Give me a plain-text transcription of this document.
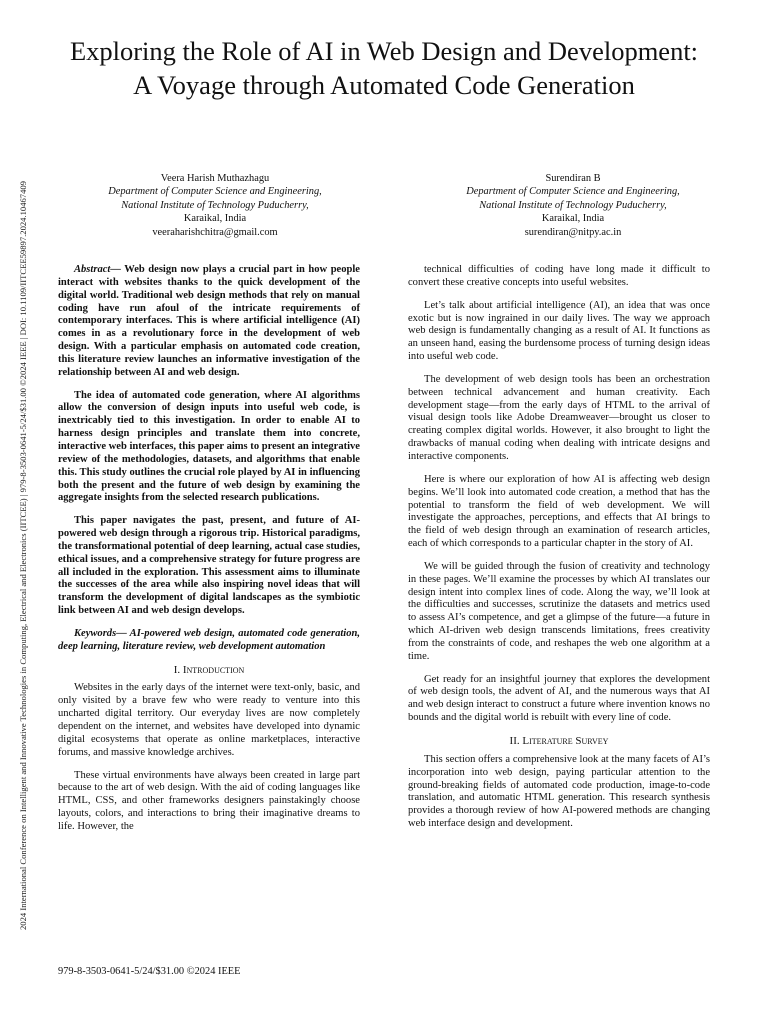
2024 International Conference on Intelligent and Innovative Technologies in Computing, Electrical and Electronics (IITCEE) | 979-8-3503-0641-5/24/$31.00 ©2024 IEEE | DOI: 10.1109/IITCEE59897.2024.10467409
Exploring the Role of AI in Web Design and Development: A Voyage through Automated Code Generation
Veera Harish Muthazhagu
Department of Computer Science and Engineering,
National Institute of Technology Puducherry,
Karaikal, India
veeraharishchitra@gmail.com
Surendiran B
Department of Computer Science and Engineering,
National Institute of Technology Puducherry,
Karaikal, India
surendiran@nitpy.ac.in

Abstract— Web design now plays a crucial part in how people interact with websites thanks to the quick development of the digital world. Traditional web design methods that rely on manual coding have run afoul of the intricate requirements of contemporary interfaces. This is where artificial intelligence (AI) comes in as a revolutionary force in the development of web design. With a particular emphasis on automated code creation, this literature review launches an informative investigation of the relationship between AI and web design.

The idea of automated code generation, where AI algorithms allow the conversion of design inputs into useful web code, is inextricably tied to this investigation. In order to enable AI to harness design principles and translate them into concrete, interactive web interfaces, this paper aims to present an integrative review of the methodologies, datasets, and algorithms that enable this. This study outlines the crucial role played by AI in influencing both the present and the future of web design by examining the aggregate insights from the selected research publications.

This paper navigates the past, present, and future of AI-powered web design through a rigorous trip. Historical paradigms, the transformational potential of deep learning, actual case studies, ethical issues, and a comprehensive strategy for future progress are all included in the exploration. This assessment aims to illuminate the successes of the area while also inspiring novel ideas that will transform the development of digital landscapes as the symbiotic link between AI and web design develops.

Keywords— AI-powered web design, automated code generation, deep learning, literature review, web development automation

I. Introduction

Websites in the early days of the internet were text-only, basic, and only visited by a brave few who were ready to venture into this uncharted digital territory. Our everyday lives are now completely dependent on the internet, and websites have developed into dynamic digital ecosystems that operate as online marketplaces, interactive forums, and massive knowledge archives.

These virtual environments have always been created in large part because to the art of web design. With the aid of coding languages like HTML, CSS, and other frameworks designers painstakingly choose layouts, colors, and interactions to bring their imaginative dreams to life. However, the

technical difficulties of coding have long made it difficult to convert these creative concepts into useful websites.

Let’s talk about artificial intelligence (AI), an idea that was once exotic but is now ingrained in our daily lives. The way we approach web design is fundamentally changing as a result of AI. It functions as an unseen hand, easing the burdensome process of turning design ideas into useful web code.

The development of web design tools has been an orchestration between technical advancement and human creativity. Each development stage—from the early days of HTML to the arrival of visual design tools like Adobe Dreamweaver—brought us closer to creating complex digital worlds. However, it also brought to light the drawbacks of manual coding when dealing with intricate designs and interactive components.

Here is where our exploration of how AI is affecting web design begins. We’ll look into automated code creation, a method that has the potential to transform the field of web development. We will investigate the approaches, perceptions, and effects that AI brings to the field of web design through an examination of research articles, each of which corresponds to a particular chapter in the story of AI.

We will be guided through the fusion of creativity and technology in these pages. We’ll examine the processes by which AI translates our design intent into complex lines of code. Along the way, we’ll look at the difficulties and successes, scrutinize the datasets and metrics used to assess AI’s competence, and get a glimpse of the future—a future in which AI-driven web design transcends limitations, frees creativity from the constraints of code, and reshapes the web one algorithm at a time.

Get ready for an insightful journey that explores the development of web design tools, the advent of AI, and the numerous ways that AI and web design interact to construct a future where invention knows no bounds and the digital world is rebuilt with every line of code.

II. Literature Survey

This section offers a comprehensive look at the many facets of AI’s incorporation into web design, paying particular attention to the ground-breaking fields of automated code production, image-to-code translation, and automatic HTML generation. This research synthesis provides a thorough review of how AI-powered methods are changing web interface design and development.

979-8-3503-0641-5/24/$31.00 ©2024 IEEE
